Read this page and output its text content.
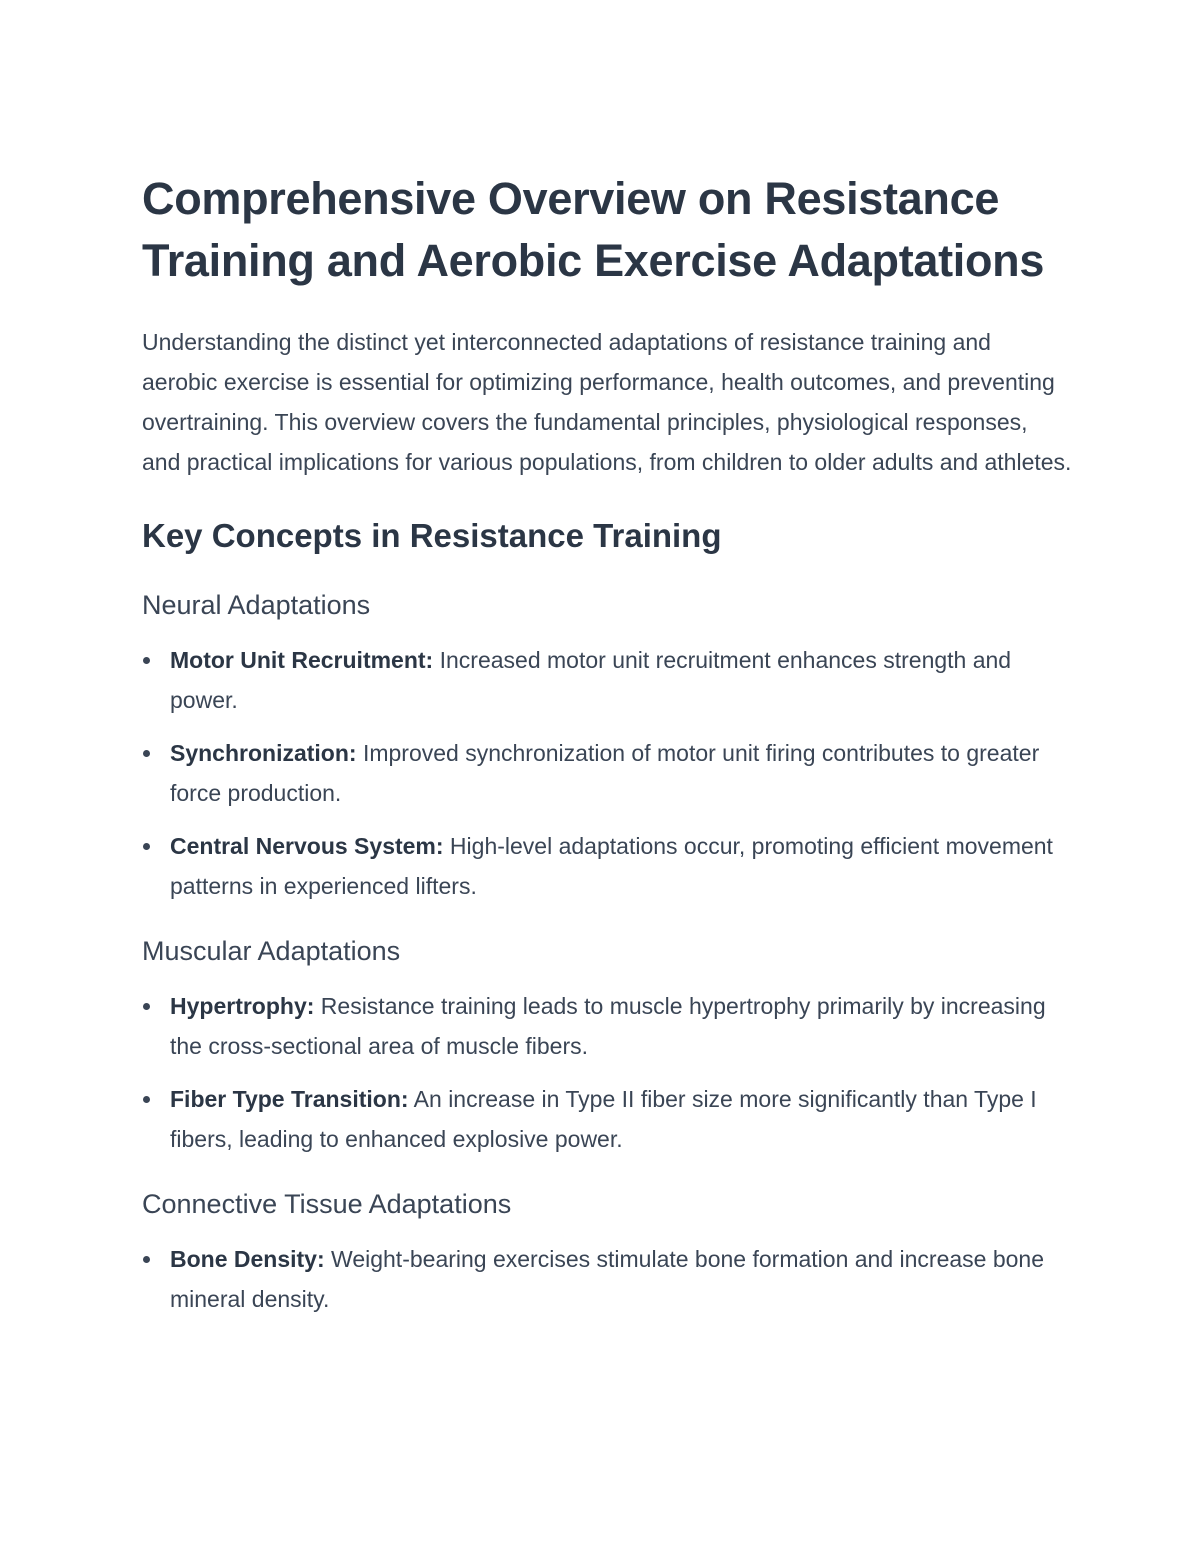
Comprehensive Overview on Resistance Training and Aerobic Exercise Adaptations

Understanding the distinct yet interconnected adaptations of resistance training and aerobic exercise is essential for optimizing performance, health outcomes, and preventing overtraining. This overview covers the fundamental principles, physiological responses, and practical implications for various populations, from children to older adults and athletes.

Key Concepts in Resistance Training
Neural Adaptations
Motor Unit Recruitment: Increased motor unit recruitment enhances strength and power.
Synchronization: Improved synchronization of motor unit firing contributes to greater force production.
Central Nervous System: High-level adaptations occur, promoting efficient movement patterns in experienced lifters.
Muscular Adaptations
Hypertrophy: Resistance training leads to muscle hypertrophy primarily by increasing the cross-sectional area of muscle fibers.
Fiber Type Transition: An increase in Type II fiber size more significantly than Type I fibers, leading to enhanced explosive power.
Connective Tissue Adaptations
Bone Density: Weight-bearing exercises stimulate bone formation and increase bone mineral density.
